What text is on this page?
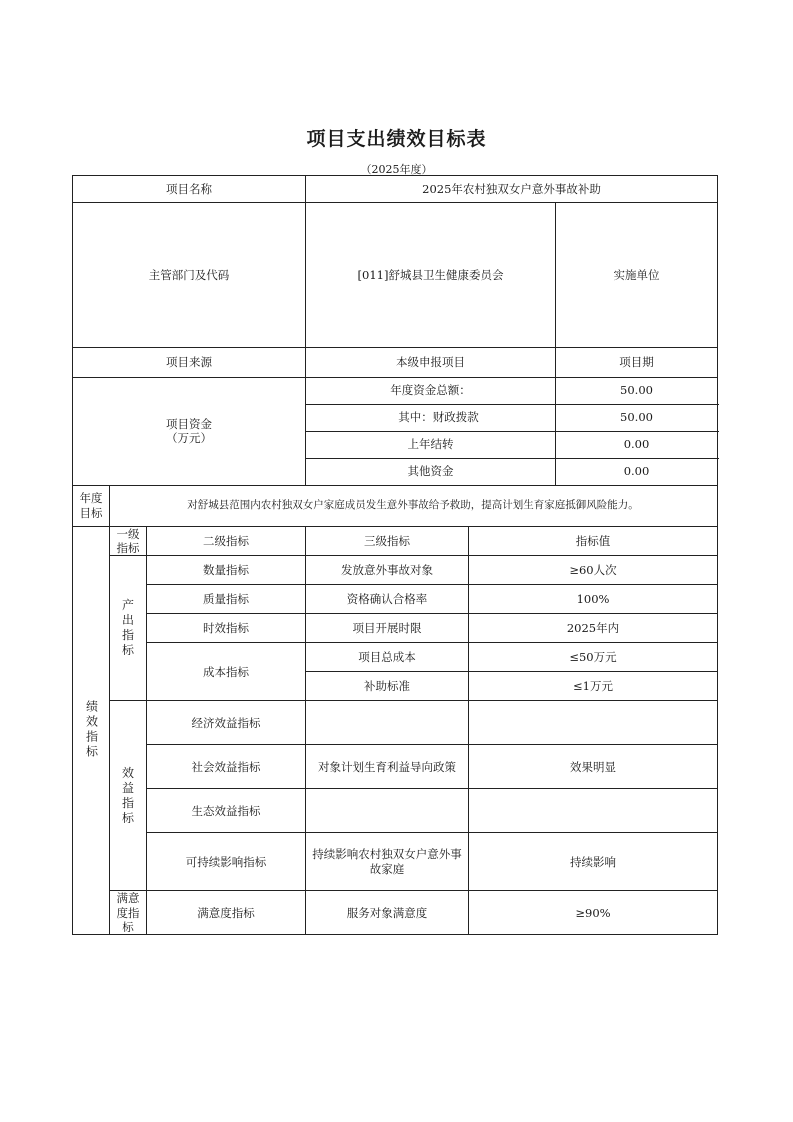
项目支出绩效目标表
（2025年度）
项目名称			2025年农村独双女户意外事故补助			
主管部门及代码			[011]舒城县卫生健康委员会		实施单位	
项目来源			本级申报项目		项目期	

项目资金
（万元）			年度资金总额：		50.00	
			其中：财政拨款		50.00	
			上年结转		0.00	
			其他资金		0.00	

年度
目标	对舒城县范围内农村独双女户家庭成员发生意外事故给予救助，提高计划生育家庭抵御风险能力。					
绩效指标	一级指标	二级指标	三级指标	指标值		
	产出指标	数量指标	发放意外事故对象	≥60人次		
		质量指标	资格确认合格率	100%		
		时效指标	项目开展时限	2025年内		
		成本指标	项目总成本	≤50万元		
			补助标准	≤1万元		
	效益指标	经济效益指标				
		社会效益指标	对象计划生育利益导向政策	效果明显		
		生态效益指标				
		可持续影响指标	持续影响农村独双女户意外事故家庭	持续影响		
	满意度指标	满意度指标	服务对象满意度	≥90%		
